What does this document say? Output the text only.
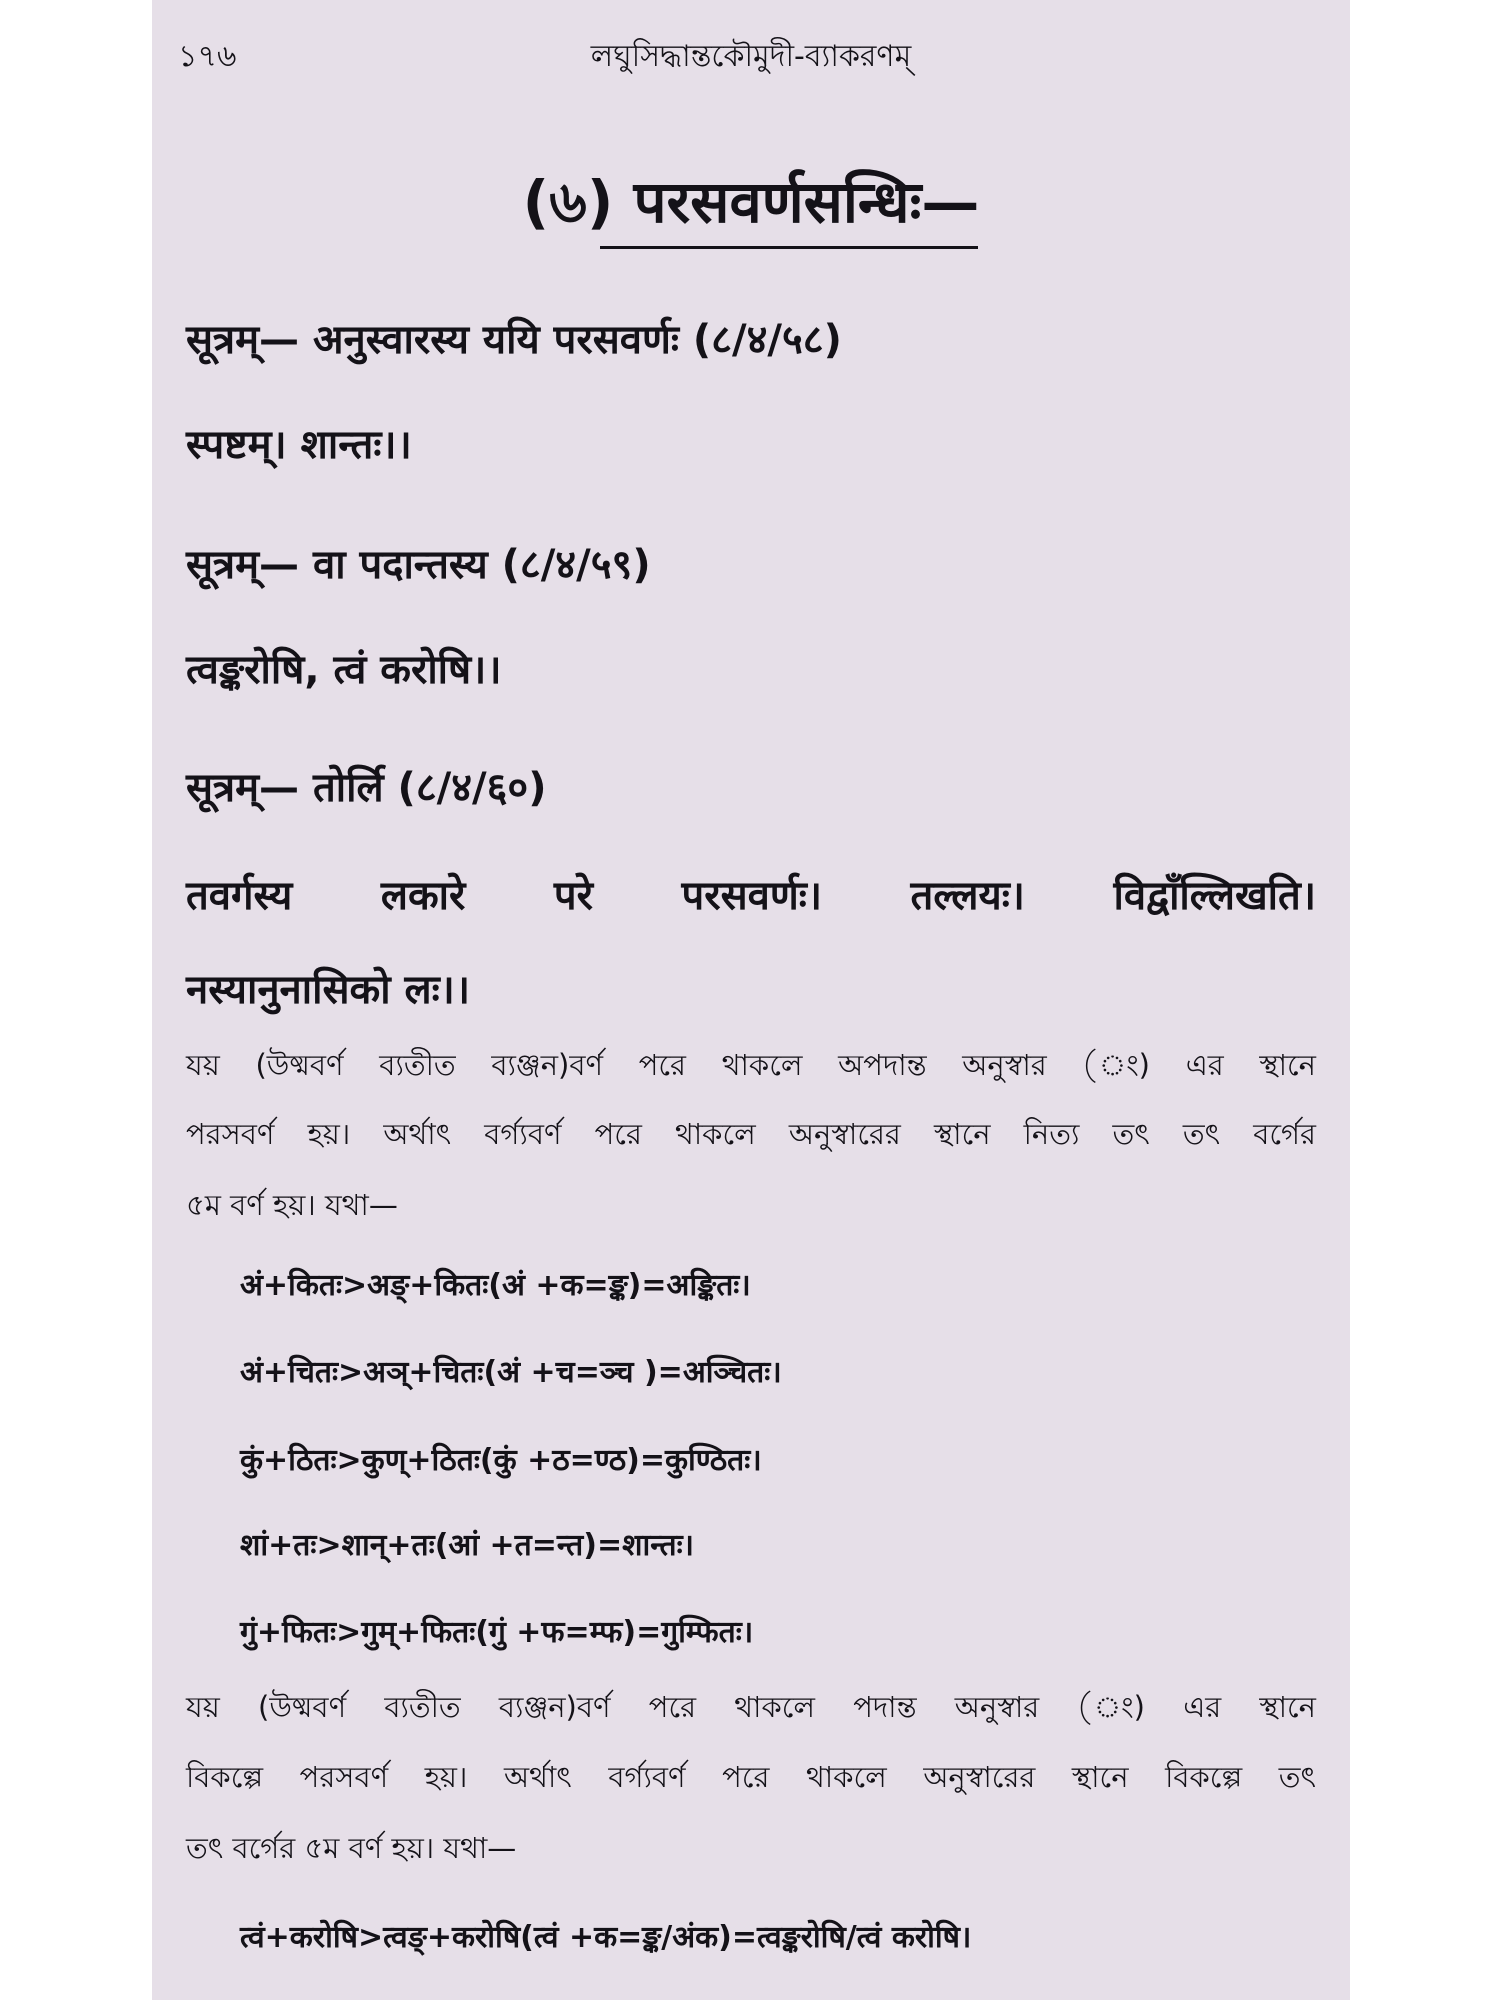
১৭৬	লঘুসিদ্ধান্তকৌমুদী-ব্যাকরণম্
(৬) परसवर्णसन्धिः—
सूत्रम्— अनुस्वारस्य ययि परसवर्णः (८/४/५८)
स्पष्टम्। शान्तः।।
सूत्रम्— वा पदान्तस्य (८/४/५९)
त्वङ्करोषि, त्वं करोषि।।
सूत्रम्— तोर्लि (८/४/६०)
तवर्गस्य लकारे परे परसवर्णः। तल्लयः। विद्वाँल्लिखति।
नस्यानुनासिको लः।।
যয় (উষ্মবর্ণ ব্যতীত ব্যঞ্জন)বর্ণ পরে থাকলে অপদান্ত অনুস্বার (ং) এর স্থানে
পরসবর্ণ হয়। অর্থাৎ বর্গ্যবর্ণ পরে থাকলে অনুস্বারের স্থানে নিত্য তৎ তৎ বর্গের
৫ম বর্ণ হয়। যথা—
अं+कितः>अङ्+कितः(अं +क=ङ्क)=अङ्कितः।
अं+चितः>अञ्+चितः(अं +च=ञ्च )=अञ्चितः।
कुं+ठितः>कुण्+ठितः(कुं +ठ=ण्ठ)=कुण्ठितः।
शां+तः>शान्+तः(आं +त=न्त)=शान्तः।
गुं+फितः>गुम्+फितः(गुं +फ=म्फ)=गुम्फितः।
যয় (উষ্মবর্ণ ব্যতীত ব্যঞ্জন)বর্ণ পরে থাকলে পদান্ত অনুস্বার (ং) এর স্থানে
বিকল্পে পরসবর্ণ হয়। অর্থাৎ বর্গ্যবর্ণ পরে থাকলে অনুস্বারের স্থানে বিকল্পে তৎ
তৎ বর্গের ৫ম বর্ণ হয়। যথা—
त्वं+करोषि>त्वङ्+करोषि(त्वं +क=ङ्क/अंक)=त्वङ्करोषि/त्वं करोषि।
